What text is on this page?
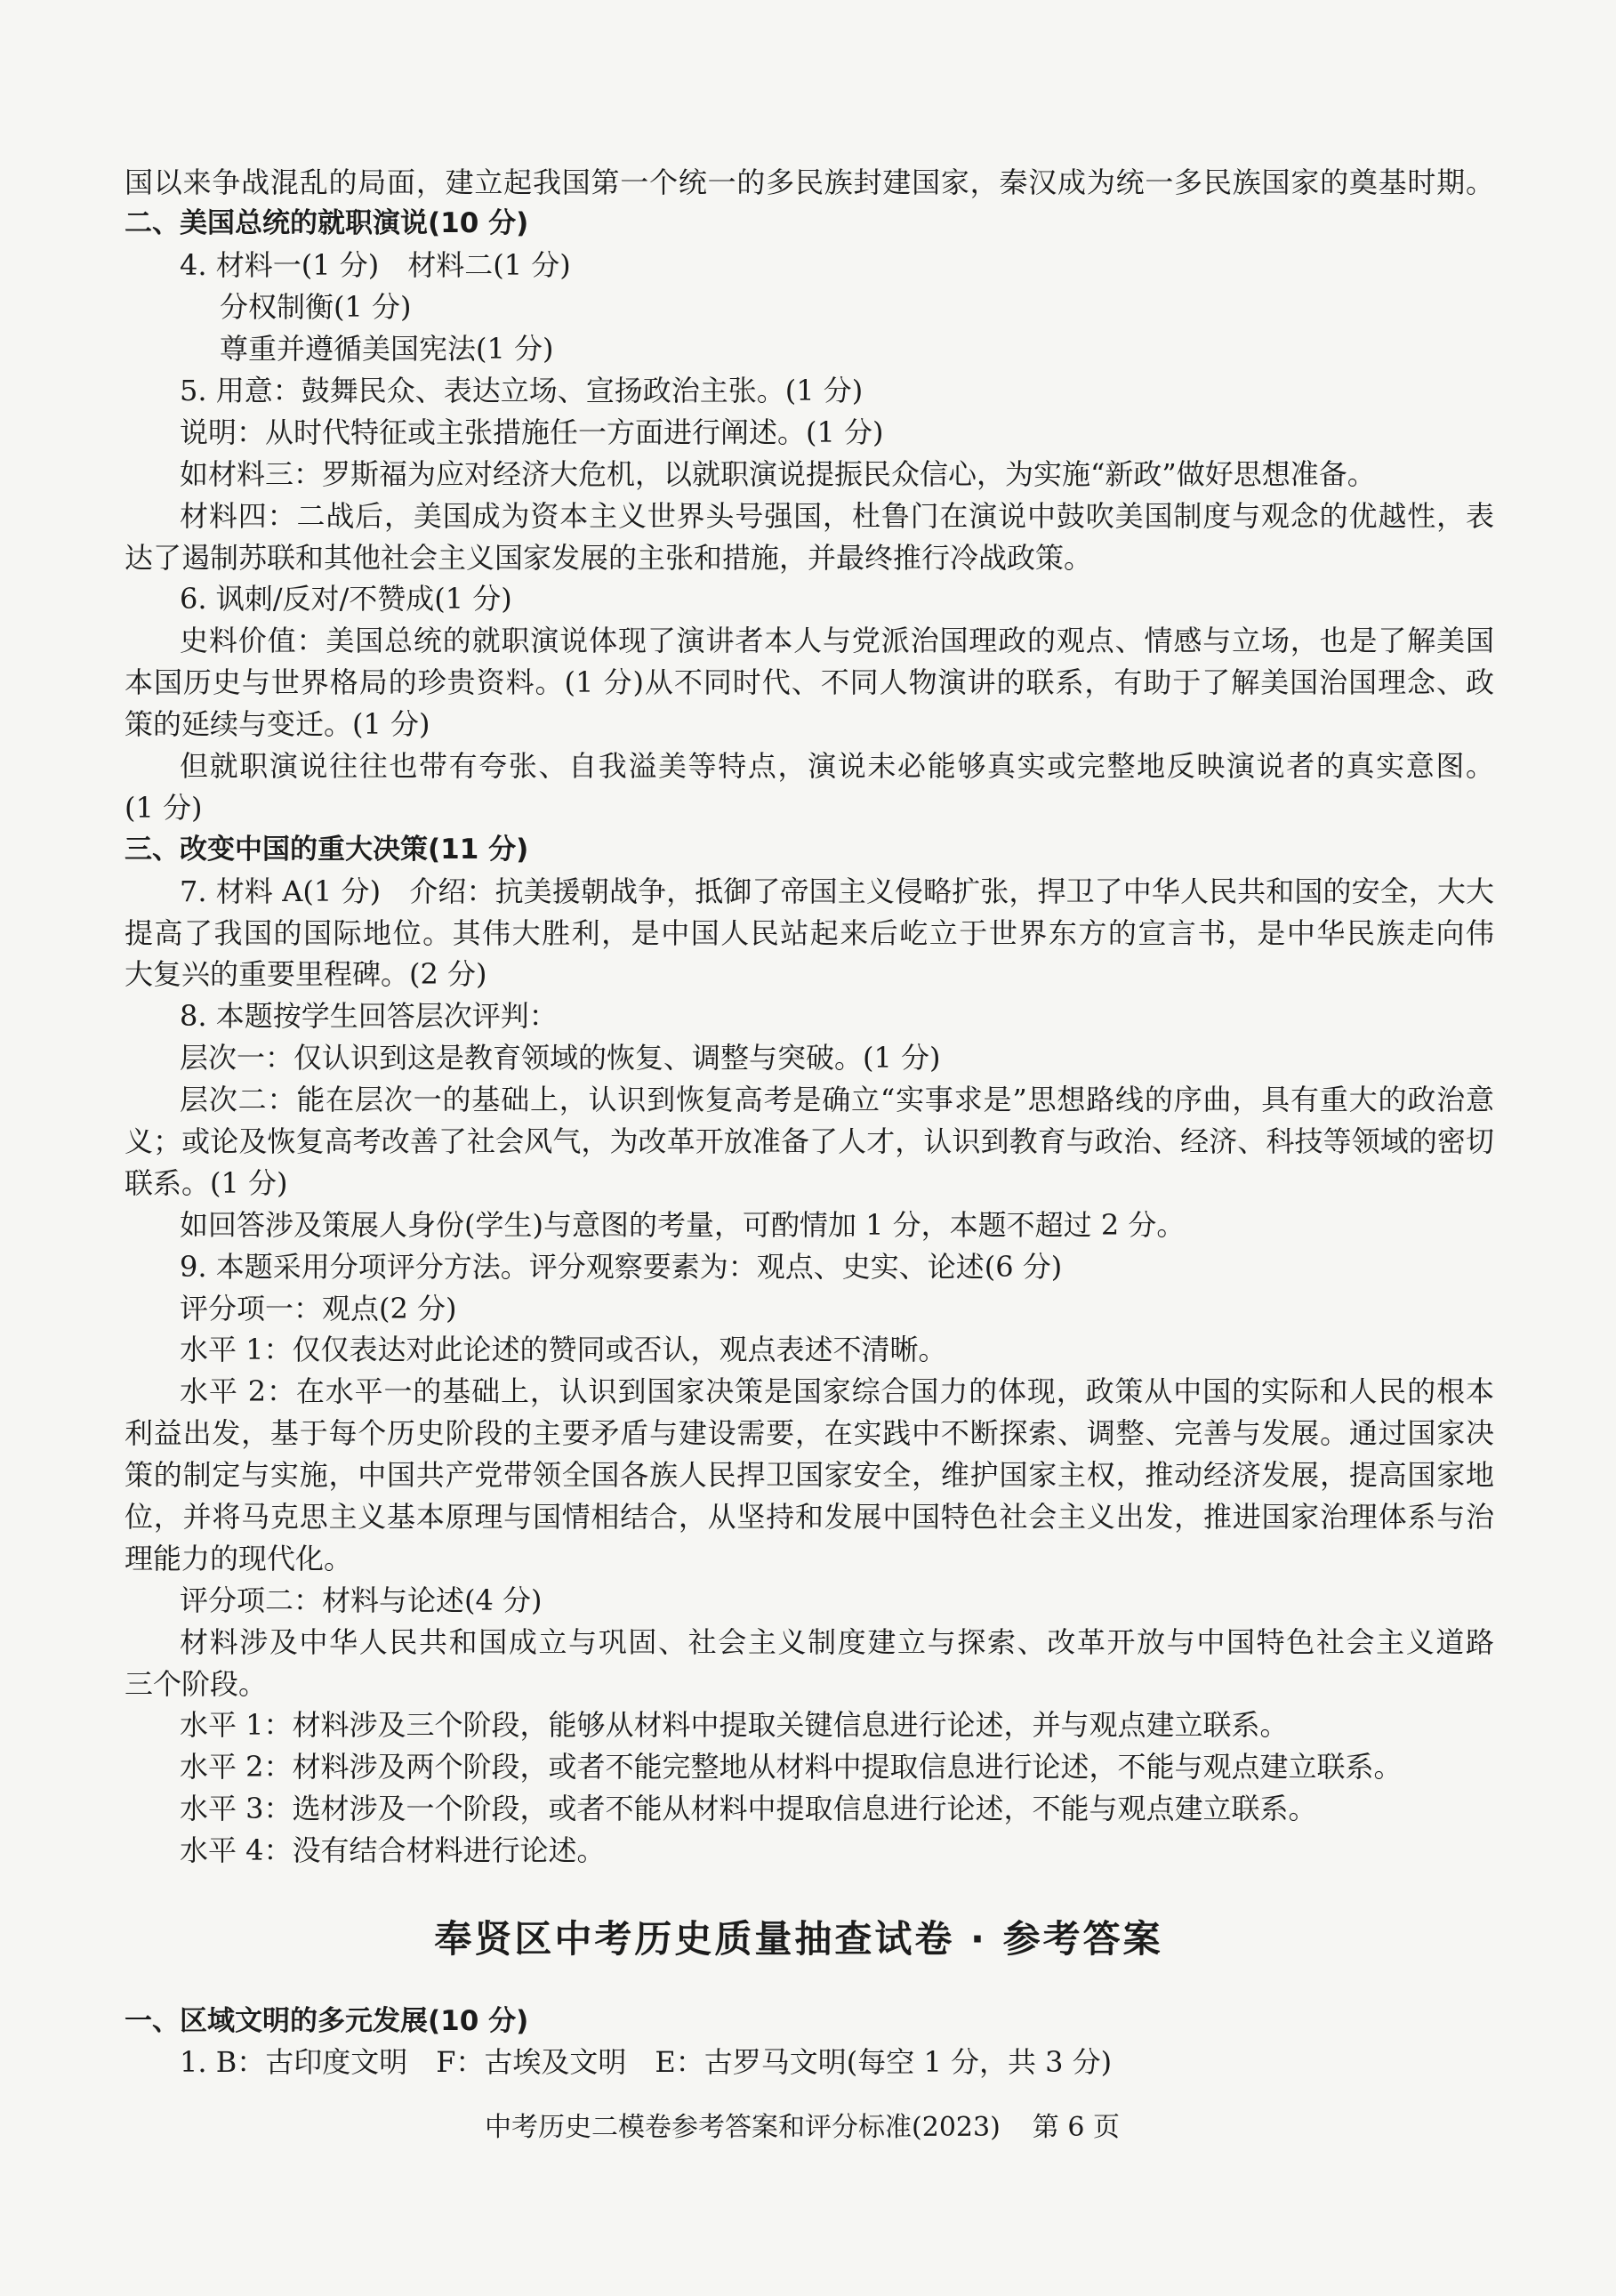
国以来争战混乱的局面，建立起我国第一个统一的多民族封建国家，秦汉成为统一多民族国家的奠基时期。
二、美国总统的就职演说(10 分)
4. 材料一(1 分)　材料二(1 分)
分权制衡(1 分)
尊重并遵循美国宪法(1 分)
5. 用意：鼓舞民众、表达立场、宣扬政治主张。(1 分)
说明：从时代特征或主张措施任一方面进行阐述。(1 分)
如材料三：罗斯福为应对经济大危机，以就职演说提振民众信心，为实施“新政”做好思想准备。
材料四：二战后，美国成为资本主义世界头号强国，杜鲁门在演说中鼓吹美国制度与观念的优越性，表
达了遏制苏联和其他社会主义国家发展的主张和措施，并最终推行冷战政策。
6. 讽刺/反对/不赞成(1 分)
史料价值：美国总统的就职演说体现了演讲者本人与党派治国理政的观点、情感与立场，也是了解美国
本国历史与世界格局的珍贵资料。(1 分)从不同时代、不同人物演讲的联系，有助于了解美国治国理念、政
策的延续与变迁。(1 分)
但就职演说往往也带有夸张、自我溢美等特点，演说未必能够真实或完整地反映演说者的真实意图。
(1 分)
三、改变中国的重大决策(11 分)
7. 材料 A(1 分)　介绍：抗美援朝战争，抵御了帝国主义侵略扩张，捍卫了中华人民共和国的安全，大大
提高了我国的国际地位。其伟大胜利，是中国人民站起来后屹立于世界东方的宣言书，是中华民族走向伟
大复兴的重要里程碑。(2 分)
8. 本题按学生回答层次评判：
层次一：仅认识到这是教育领域的恢复、调整与突破。(1 分)
层次二：能在层次一的基础上，认识到恢复高考是确立“实事求是”思想路线的序曲，具有重大的政治意
义；或论及恢复高考改善了社会风气，为改革开放准备了人才，认识到教育与政治、经济、科技等领域的密切
联系。(1 分)
如回答涉及策展人身份(学生)与意图的考量，可酌情加 1 分，本题不超过 2 分。
9. 本题采用分项评分方法。评分观察要素为：观点、史实、论述(6 分)
评分项一：观点(2 分)
水平 1：仅仅表达对此论述的赞同或否认，观点表述不清晰。
水平 2：在水平一的基础上，认识到国家决策是国家综合国力的体现，政策从中国的实际和人民的根本
利益出发，基于每个历史阶段的主要矛盾与建设需要，在实践中不断探索、调整、完善与发展。通过国家决
策的制定与实施，中国共产党带领全国各族人民捍卫国家安全，维护国家主权，推动经济发展，提高国家地
位，并将马克思主义基本原理与国情相结合，从坚持和发展中国特色社会主义出发，推进国家治理体系与治
理能力的现代化。
评分项二：材料与论述(4 分)
材料涉及中华人民共和国成立与巩固、社会主义制度建立与探索、改革开放与中国特色社会主义道路
三个阶段。
水平 1：材料涉及三个阶段，能够从材料中提取关键信息进行论述，并与观点建立联系。
水平 2：材料涉及两个阶段，或者不能完整地从材料中提取信息进行论述，不能与观点建立联系。
水平 3：选材涉及一个阶段，或者不能从材料中提取信息进行论述，不能与观点建立联系。
水平 4：没有结合材料进行论述。
奉贤区中考历史质量抽查试卷 · 参考答案
一、区域文明的多元发展(10 分)
1. B：古印度文明　F：古埃及文明　E：古罗马文明(每空 1 分，共 3 分)
中考历史二模卷参考答案和评分标准(2023) 第 6 页
